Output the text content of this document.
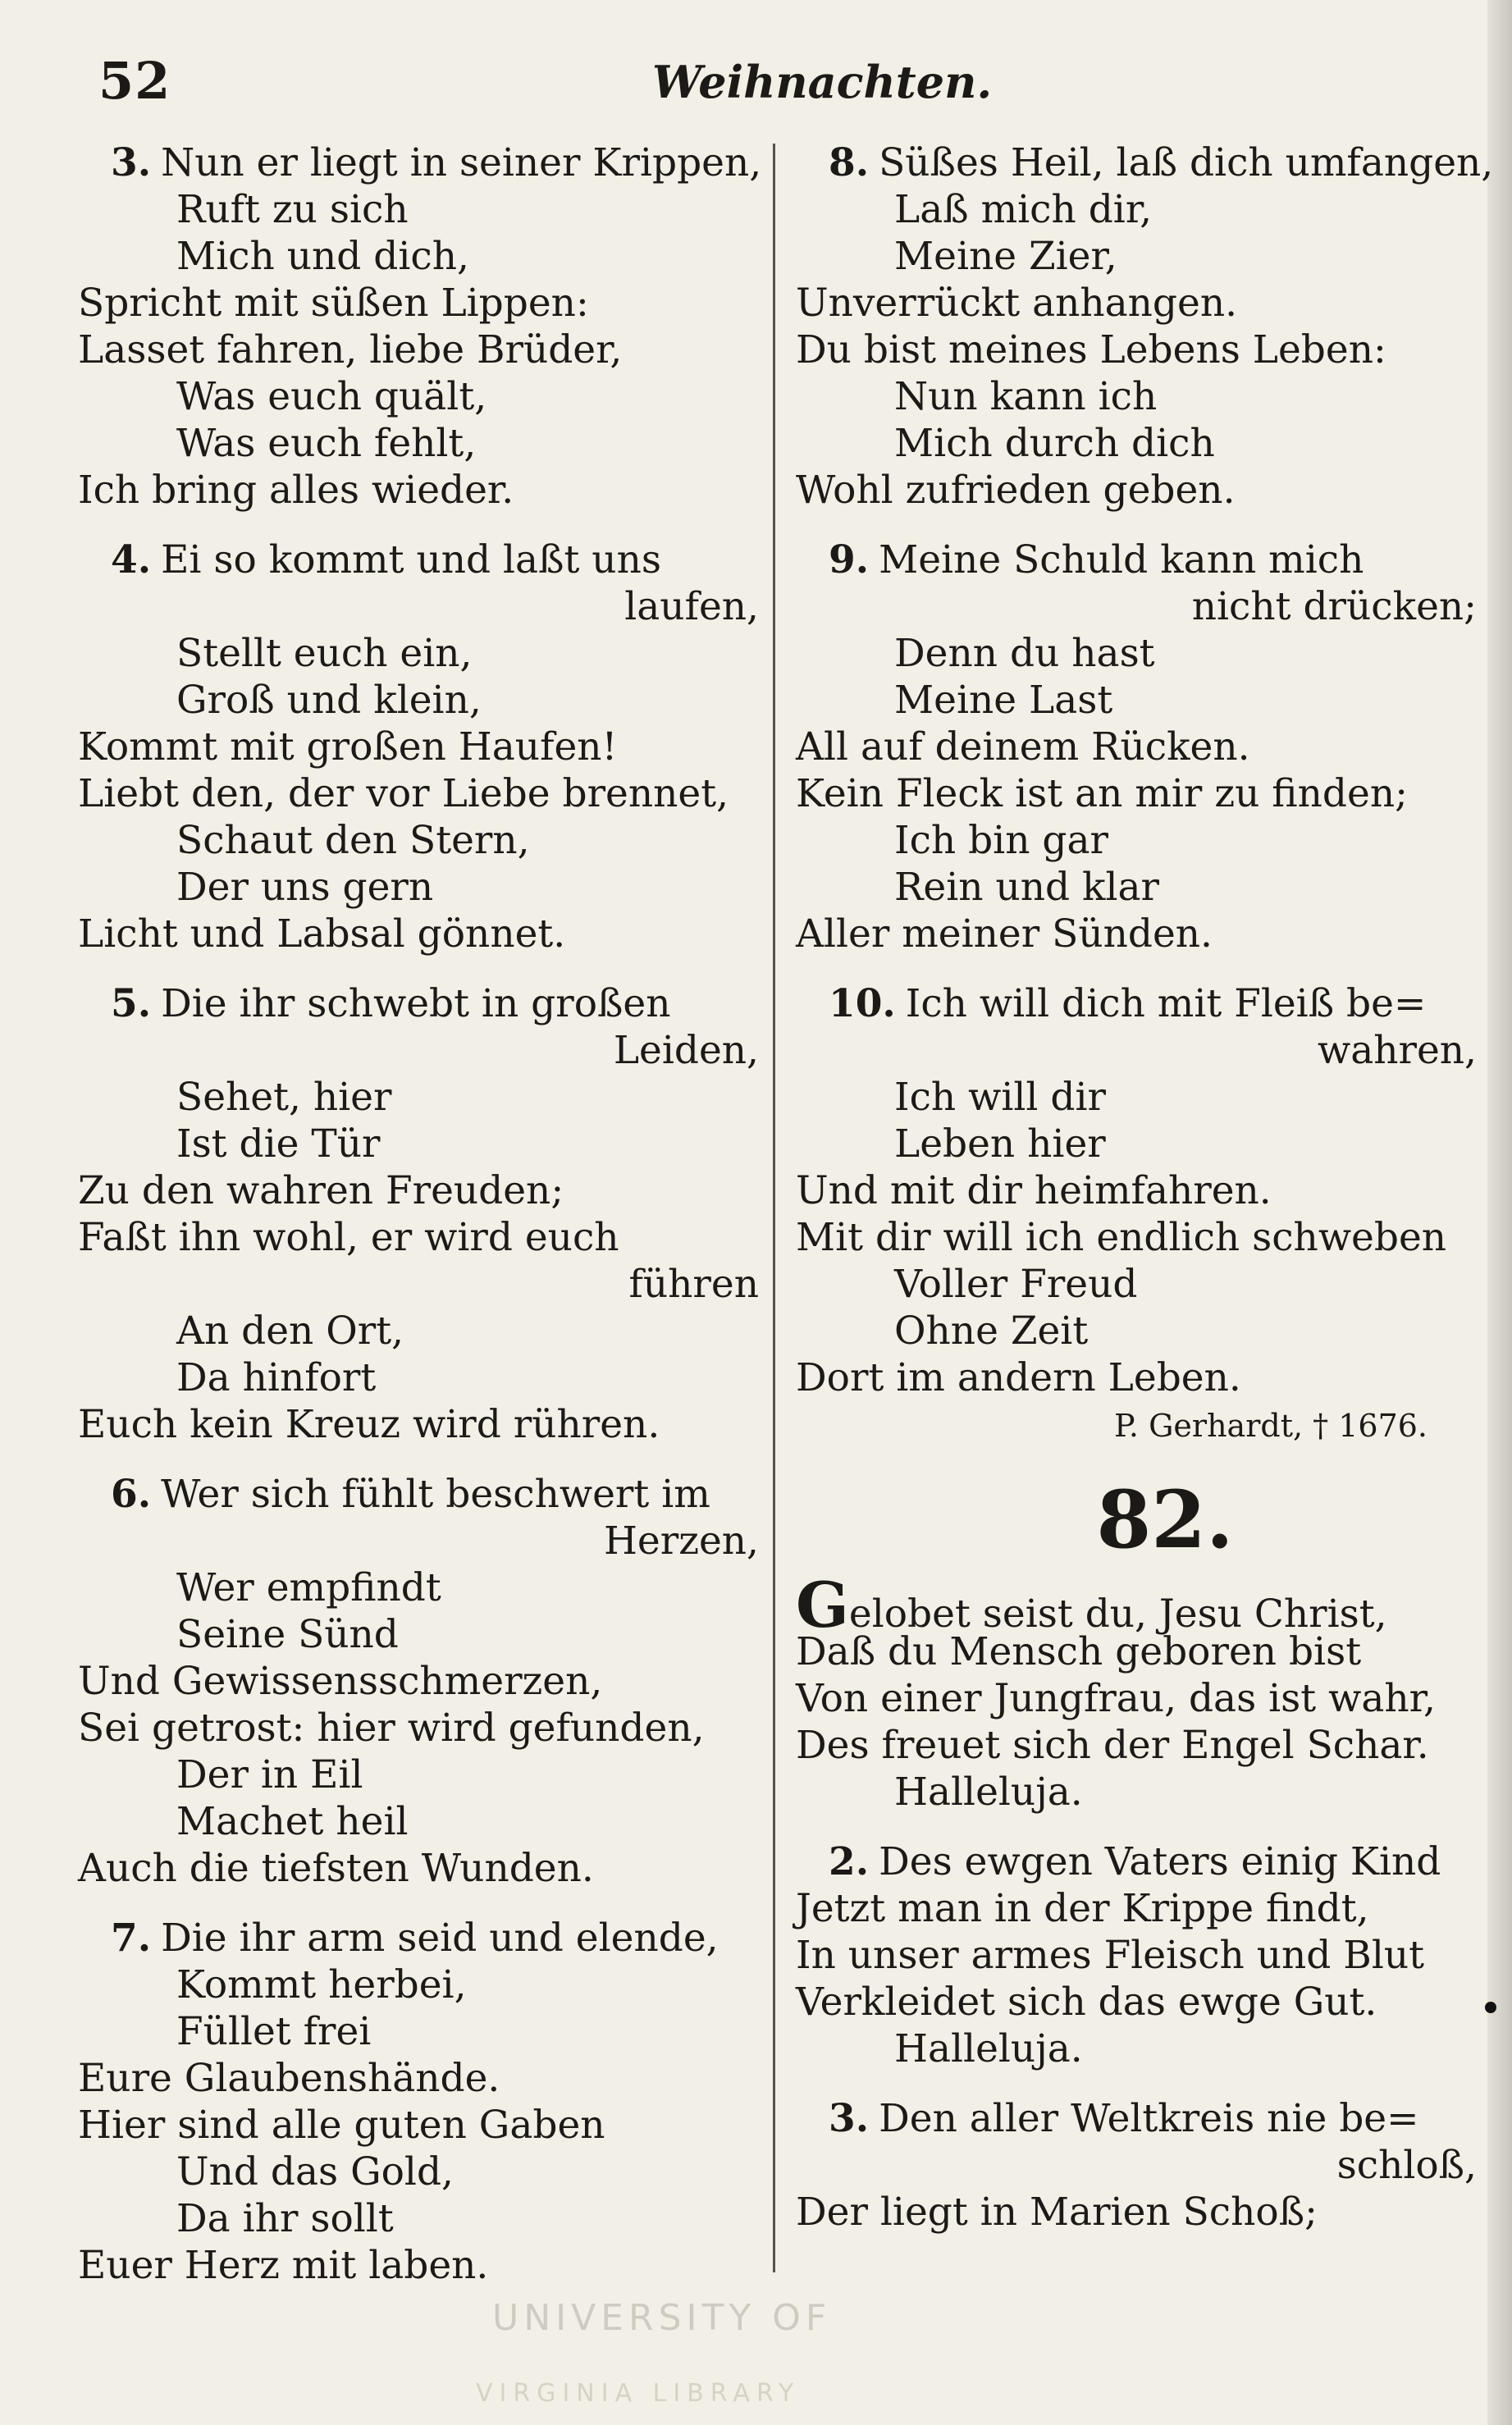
52	Weihnachten.
3. Nun er liegt in seiner Krippen,
Ruft zu sich
Mich und dich,
Spricht mit süßen Lippen:
Lasset fahren, liebe Brüder,
Was euch quält,
Was euch fehlt,
Ich bring alles wieder.
4. Ei so kommt und laßt uns
laufen,
Stellt euch ein,
Groß und klein,
Kommt mit großen Haufen!
Liebt den, der vor Liebe brennet,
Schaut den Stern,
Der uns gern
Licht und Labsal gönnet.
5. Die ihr schwebt in großen
Leiden,
Sehet, hier
Ist die Tür
Zu den wahren Freuden;
Faßt ihn wohl, er wird euch
führen
An den Ort,
Da hinfort
Euch kein Kreuz wird rühren.
6. Wer sich fühlt beschwert im
Herzen,
Wer empfindt
Seine Sünd
Und Gewissensschmerzen,
Sei getrost: hier wird gefunden,
Der in Eil
Machet heil
Auch die tiefsten Wunden.
7. Die ihr arm seid und elende,
Kommt herbei,
Füllet frei
Eure Glaubenshände.
Hier sind alle guten Gaben
Und das Gold,
Da ihr sollt
Euer Herz mit laben.
8. Süßes Heil, laß dich umfangen,
Laß mich dir,
Meine Zier,
Unverrückt anhangen.
Du bist meines Lebens Leben:
Nun kann ich
Mich durch dich
Wohl zufrieden geben.
9. Meine Schuld kann mich
nicht drücken;
Denn du hast
Meine Last
All auf deinem Rücken.
Kein Fleck ist an mir zu finden;
Ich bin gar
Rein und klar
Aller meiner Sünden.
10. Ich will dich mit Fleiß be=
wahren,
Ich will dir
Leben hier
Und mit dir heimfahren.
Mit dir will ich endlich schweben
Voller Freud
Ohne Zeit
Dort im andern Leben.
P. Gerhardt, † 1676.
82.
Gelobet seist du, Jesu Christ,
Daß du Mensch geboren bist
Von einer Jungfrau, das ist wahr,
Des freuet sich der Engel Schar.
Halleluja.
2. Des ewgen Vaters einig Kind
Jetzt man in der Krippe findt,
In unser armes Fleisch und Blut
Verkleidet sich das ewge Gut.
Halleluja.
3. Den aller Weltkreis nie be=
schloß,
Der liegt in Marien Schoß;
UNIVERSITY OF
VIRGINIA LIBRARY
